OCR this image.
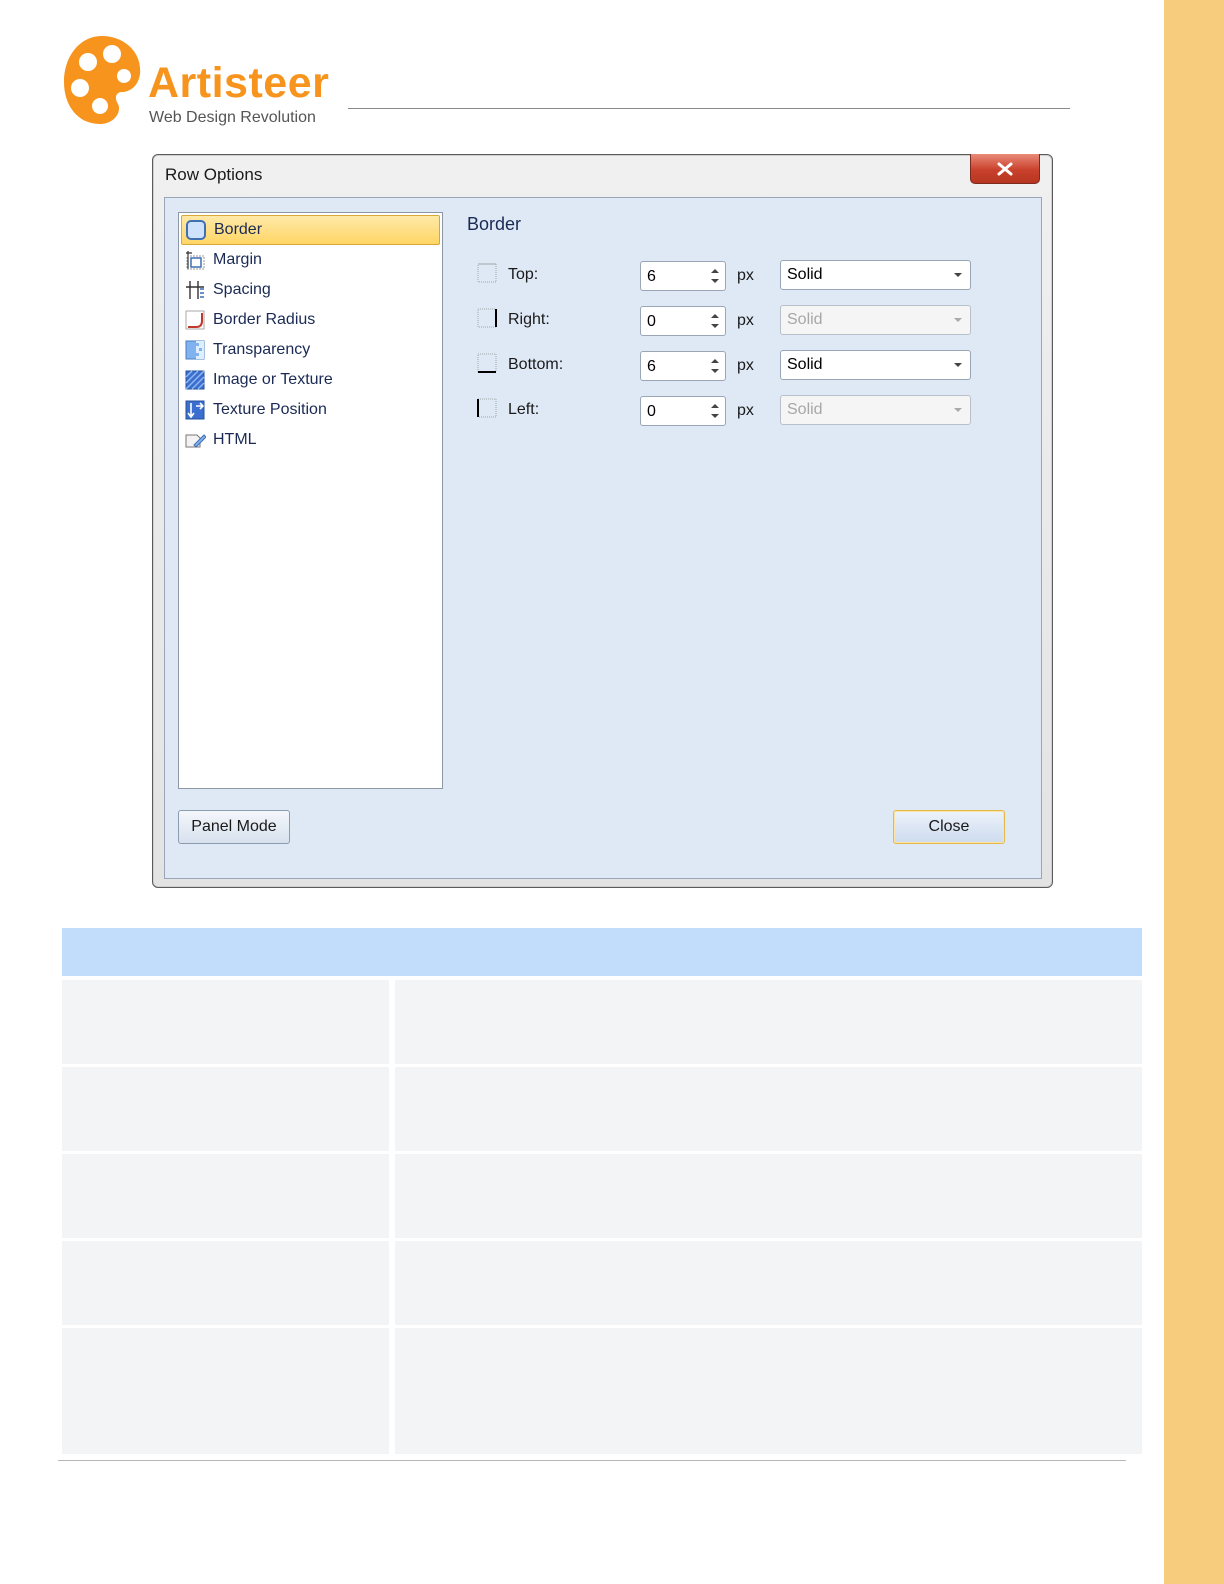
Artisteer
Web Design Revolution
Row Options
Border
Margin
Spacing
Border Radius
Transparency
Image or Texture
Texture Position
HTML
Border
Top:	6	px Solid
Right:	0	px Solid
Bottom:	6	px Solid
Left:	0	px Solid
Panel Mode	Close
